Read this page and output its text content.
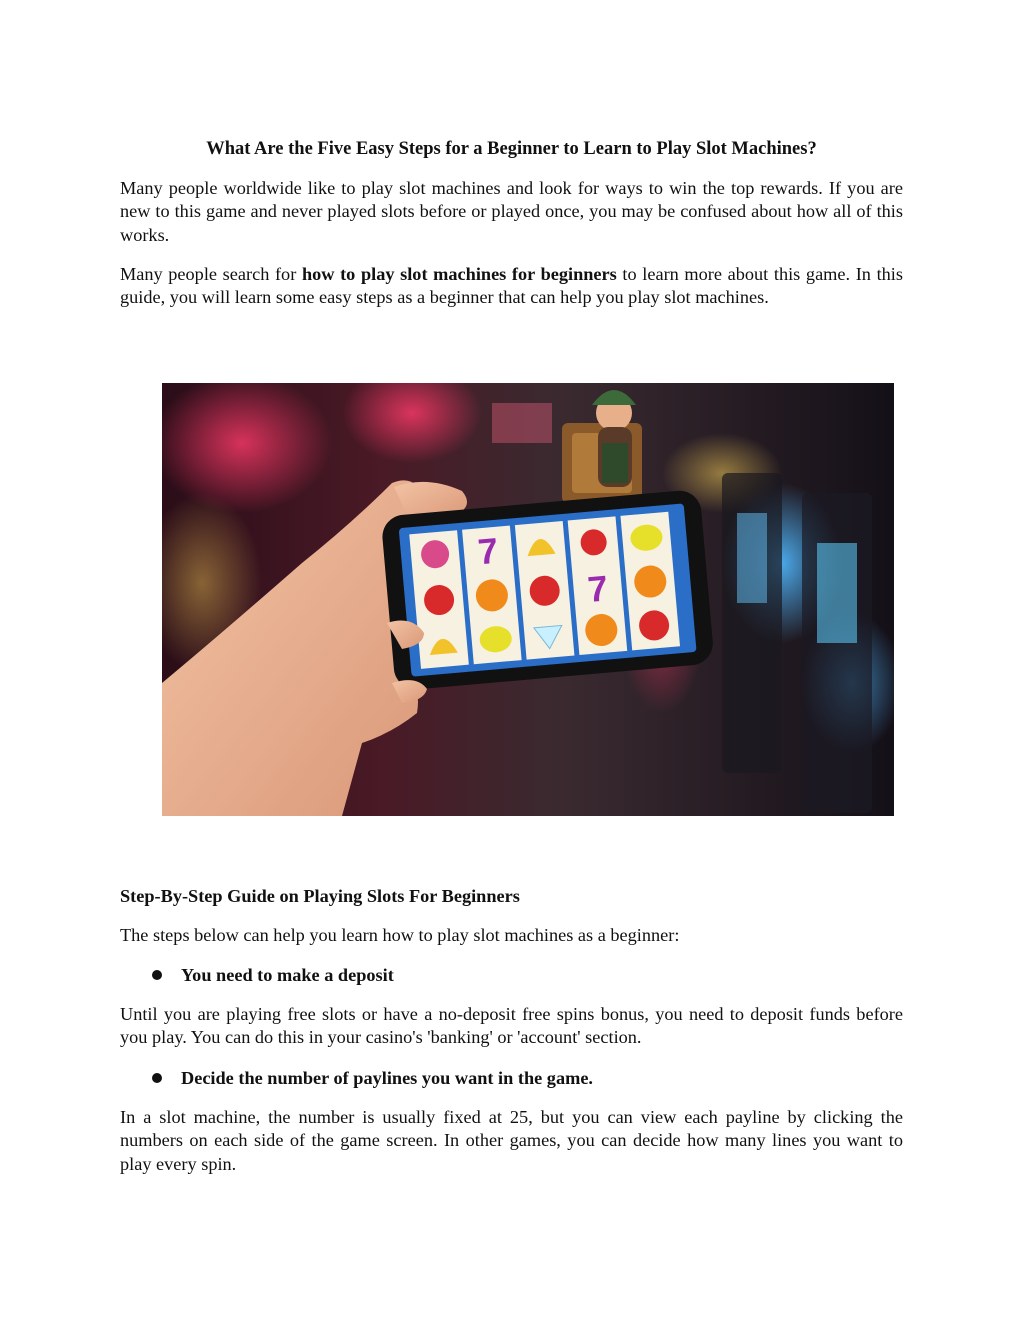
What Are the Five Easy Steps for a Beginner to Learn to Play Slot Machines?

Many people worldwide like to play slot machines and look for ways to win the top rewards. If you are new to this game and never played slots before or played once, you may be confused about how all of this works.

Many people search for how to play slot machines for beginners to learn more about this game. In this guide, you will learn some easy steps as a beginner that can help you play slot machines.

7
7
Step-By-Step Guide on Playing Slots For Beginners

The steps below can help you learn how to play slot machines as a beginner:

You need to make a deposit

Until you are playing free slots or have a no-deposit free spins bonus, you need to deposit funds before you play. You can do this in your casino's 'banking' or 'account' section.

Decide the number of paylines you want in the game.

In a slot machine, the number is usually fixed at 25, but you can view each payline by clicking the numbers on each side of the game screen. In other games, you can decide how many lines you want to play every spin.
